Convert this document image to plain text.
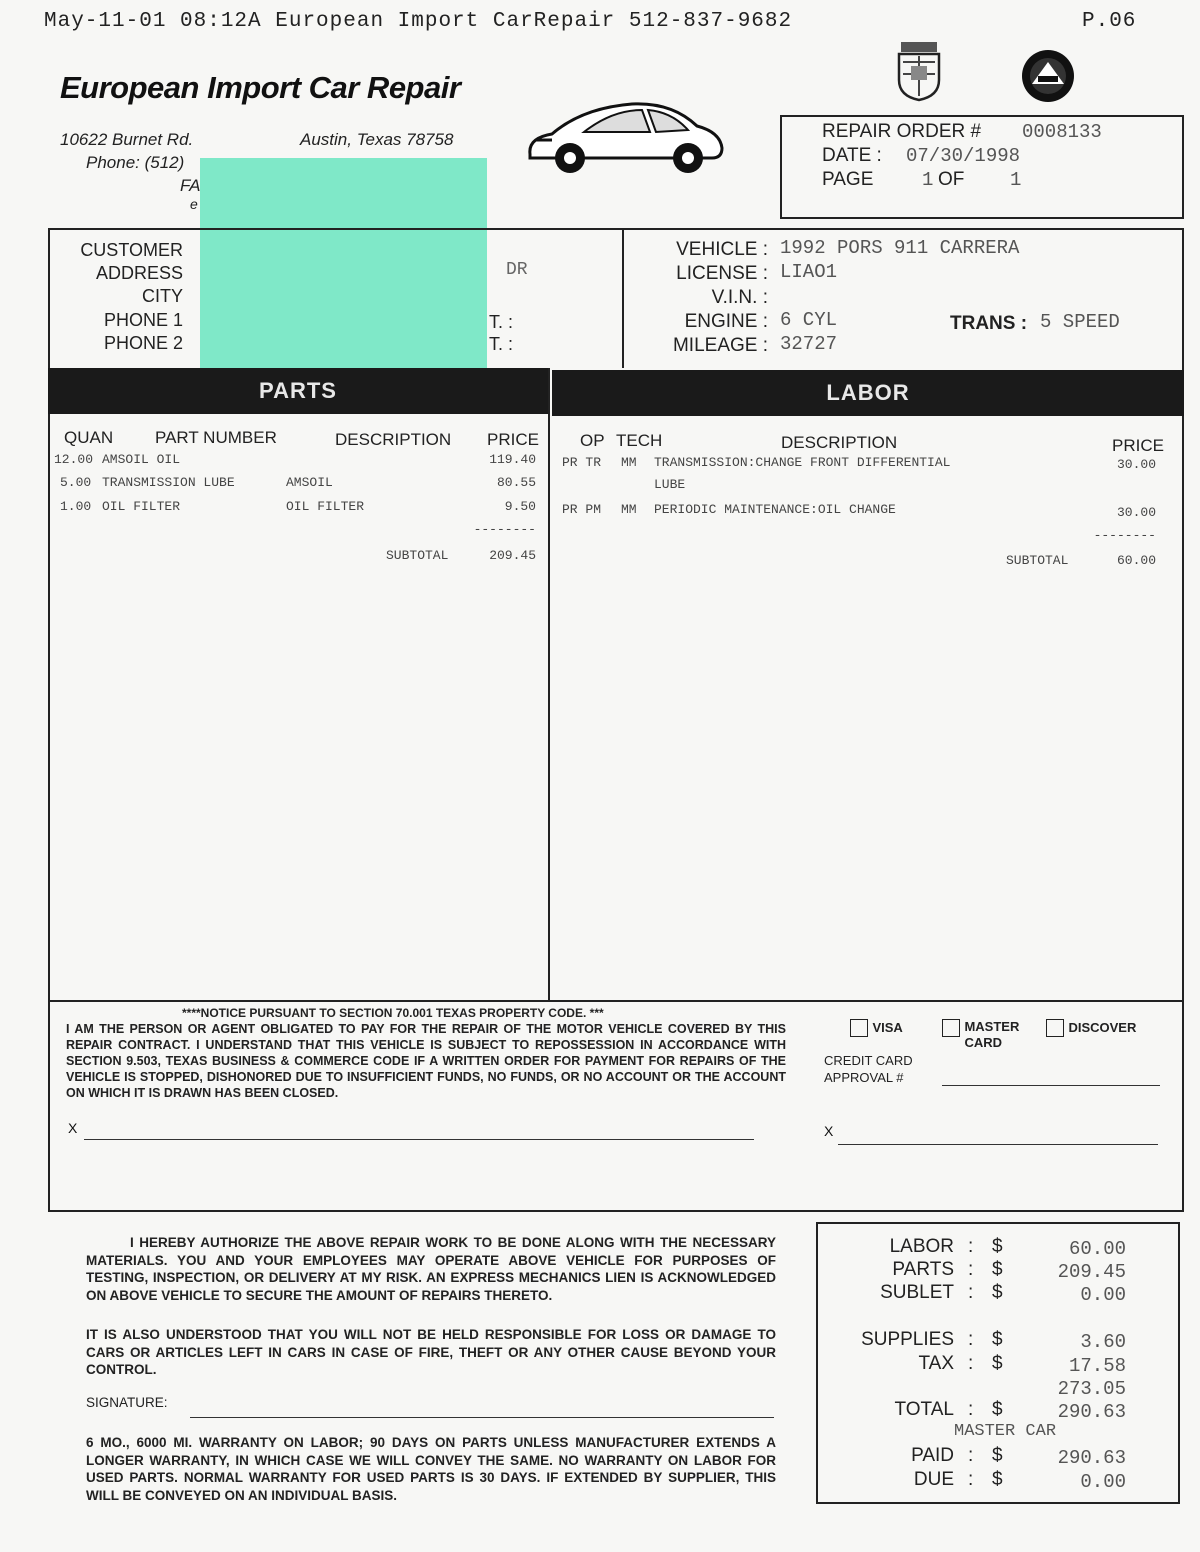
May-11-01 08:12A European Import CarRepair 512-837-9682	P.06
European Import Car Repair
10622 Burnet Rd.	Austin, Texas 78758
Phone: (512)
FA
e
REPAIR ORDER # 0008133
DATE : 07/30/1998
PAGE	1 OF 1
CUSTOMER
ADDRESS
CITY
PHONE 1
PHONE 2
DR
T. :
T. :
VEHICLE : 1992 PORS 911 CARRERA
LICENSE : LIAO1
V.I.N. :
ENGINE : 6 CYL	TRANS : 5 SPEED
MILEAGE : 32727
PARTS	LABOR
QUAN PART NUMBER	DESCRIPTION PRICE
12.00 AMSOIL OIL	119.40
5.00 TRANSMISSION LUBE	AMSOIL	80.55
1.00 OIL FILTER	OIL FILTER	9.50
--------
SUBTOTAL	209.45
OP TECH	DESCRIPTION	PRICE
PR TR MM TRANSMISSION:CHANGE FRONT DIFFERENTIAL
LUBE
30.00
PR PM MM PERIODIC MAINTENANCE:OIL CHANGE	30.00
--------
SUBTOTAL	60.00
****NOTICE PURSUANT TO SECTION 70.001 TEXAS PROPERTY CODE. ***
I AM THE PERSON OR AGENT OBLIGATED TO PAY FOR THE REPAIR OF THE MOTOR VEHICLE COVERED BY THIS REPAIR CONTRACT. I UNDERSTAND THAT THIS VEHICLE IS SUBJECT TO REPOSSESSION IN ACCORDANCE WITH SECTION 9.503, TEXAS BUSINESS & COMMERCE CODE IF A WRITTEN ORDER FOR PAYMENT FOR REPAIRS OF THE VEHICLE IS STOPPED, DISHONORED DUE TO INSUFFICIENT FUNDS, NO FUNDS, OR NO ACCOUNT OR THE ACCOUNT ON WHICH IT IS DRAWN HAS BEEN CLOSED.
X
VISA	MASTER CARD
DISCOVER
CREDIT CARD APPROVAL #
X
I HEREBY AUTHORIZE THE ABOVE REPAIR WORK TO BE DONE ALONG WITH THE NECESSARY MATERIALS. YOU AND YOUR EMPLOYEES MAY OPERATE ABOVE VEHICLE FOR PURPOSES OF TESTING, INSPECTION, OR DELIVERY AT MY RISK. AN EXPRESS MECHANICS LIEN IS ACKNOWLEDGED ON ABOVE VEHICLE TO SECURE THE AMOUNT OF REPAIRS THERETO.
IT IS ALSO UNDERSTOOD THAT YOU WILL NOT BE HELD RESPONSIBLE FOR LOSS OR DAMAGE TO CARS OR ARTICLES LEFT IN CARS IN CASE OF FIRE, THEFT OR ANY OTHER CAUSE BEYOND YOUR CONTROL.
SIGNATURE:
6 MO., 6000 MI. WARRANTY ON LABOR; 90 DAYS ON PARTS UNLESS MANUFACTURER EXTENDS A LONGER WARRANTY, IN WHICH CASE WE WILL CONVEY THE SAME. NO WARRANTY ON LABOR FOR USED PARTS. NORMAL WARRANTY FOR USED PARTS IS 30 DAYS. IF EXTENDED BY SUPPLIER, THIS WILL BE CONVEYED ON AN INDIVIDUAL BASIS.
LABOR : $	60.00
PARTS : $	209.45
SUBLET : $	0.00
SUPPLIES : $	3.60
TAX : $	17.58
273.05
TOTAL : $	290.63
MASTER CAR
PAID : $	290.63
DUE : $	0.00
